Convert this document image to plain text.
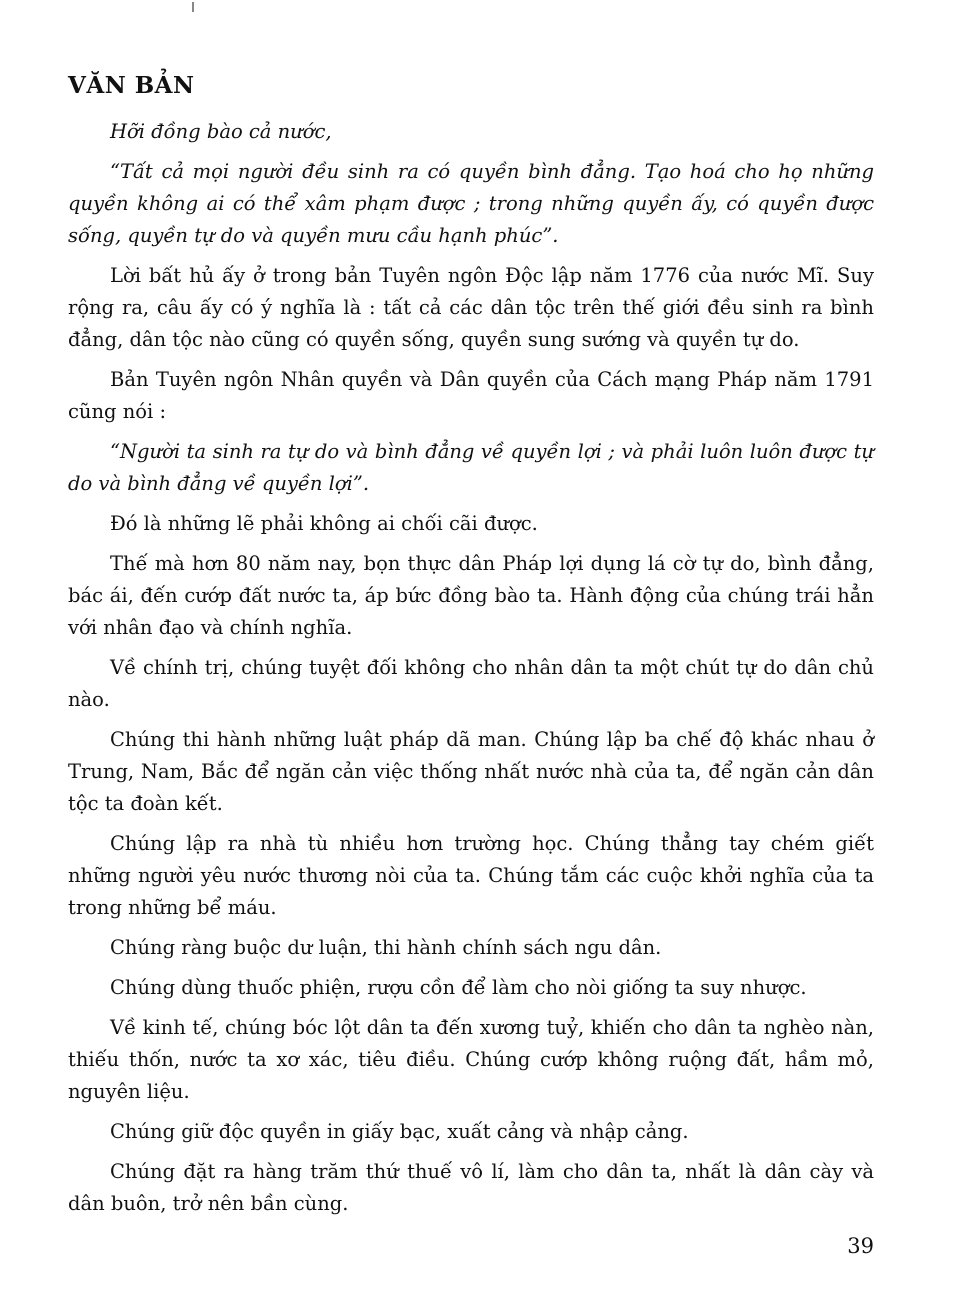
VĂN BẢN

Hỡi đồng bào cả nước,

“Tất cả mọi người đều sinh ra có quyền bình đẳng. Tạo hoá cho họ những quyền không ai có thể xâm phạm được ; trong những quyền ấy, có quyền được sống, quyền tự do và quyền mưu cầu hạnh phúc”.

Lời bất hủ ấy ở trong bản Tuyên ngôn Độc lập năm 1776 của nước Mĩ. Suy rộng ra, câu ấy có ý nghĩa là : tất cả các dân tộc trên thế giới đều sinh ra bình đẳng, dân tộc nào cũng có quyền sống, quyền sung sướng và quyền tự do.

Bản Tuyên ngôn Nhân quyền và Dân quyền của Cách mạng Pháp năm 1791 cũng nói :

“Người ta sinh ra tự do và bình đẳng về quyền lợi ; và phải luôn luôn được tự do và bình đẳng về quyền lợi”.

Đó là những lẽ phải không ai chối cãi được.

Thế mà hơn 80 năm nay, bọn thực dân Pháp lợi dụng lá cờ tự do, bình đẳng, bác ái, đến cướp đất nước ta, áp bức đồng bào ta. Hành động của chúng trái hẳn với nhân đạo và chính nghĩa.

Về chính trị, chúng tuyệt đối không cho nhân dân ta một chút tự do dân chủ nào.

Chúng thi hành những luật pháp dã man. Chúng lập ba chế độ khác nhau ở Trung, Nam, Bắc để ngăn cản việc thống nhất nước nhà của ta, để ngăn cản dân tộc ta đoàn kết.

Chúng lập ra nhà tù nhiều hơn trường học. Chúng thẳng tay chém giết những người yêu nước thương nòi của ta. Chúng tắm các cuộc khởi nghĩa của ta trong những bể máu.

Chúng ràng buộc dư luận, thi hành chính sách ngu dân.

Chúng dùng thuốc phiện, rượu cồn để làm cho nòi giống ta suy nhược.

Về kinh tế, chúng bóc lột dân ta đến xương tuỷ, khiến cho dân ta nghèo nàn, thiếu thốn, nước ta xơ xác, tiêu điều. Chúng cướp không ruộng đất, hầm mỏ, nguyên liệu.

Chúng giữ độc quyền in giấy bạc, xuất cảng và nhập cảng.

Chúng đặt ra hàng trăm thứ thuế vô lí, làm cho dân ta, nhất là dân cày và dân buôn, trở nên bần cùng.

39
